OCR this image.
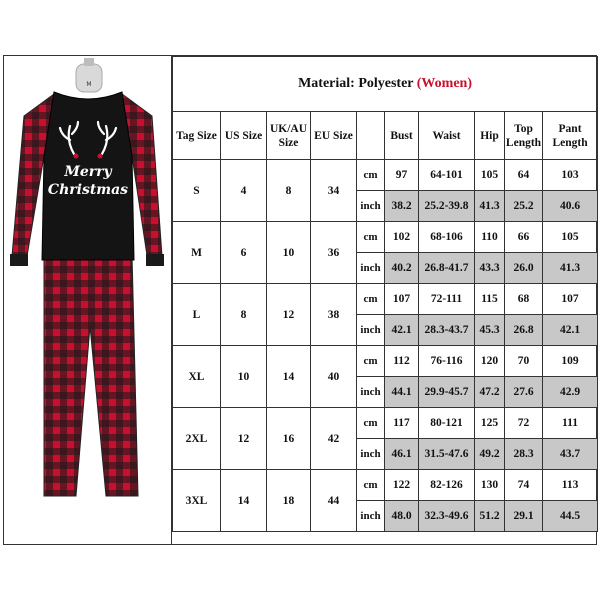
Merry
Christmas
M	Material: Polyester (Women)									
Tag Size	US Size	UK/AU Size	EU Size		Bust	Waist	Hip	Top Length	Pant Length
S	4	8	34	cm	97	64-101	105	64	103
				inch	38.2	25.2-39.8	41.3	25.2	40.6
M	6	10	36	cm	102	68-106	110	66	105
				inch	40.2	26.8-41.7	43.3	26.0	41.3
L	8	12	38	cm	107	72-111	115	68	107
				inch	42.1	28.3-43.7	45.3	26.8	42.1
XL	10	14	40	cm	112	76-116	120	70	109
				inch	44.1	29.9-45.7	47.2	27.6	42.9
2XL	12	16	42	cm	117	80-121	125	72	111
				inch	46.1	31.5-47.6	49.2	28.3	43.7
3XL	14	18	44	cm	122	82-126	130	74	113
				inch	48.0	32.3-49.6	51.2	29.1	44.5
